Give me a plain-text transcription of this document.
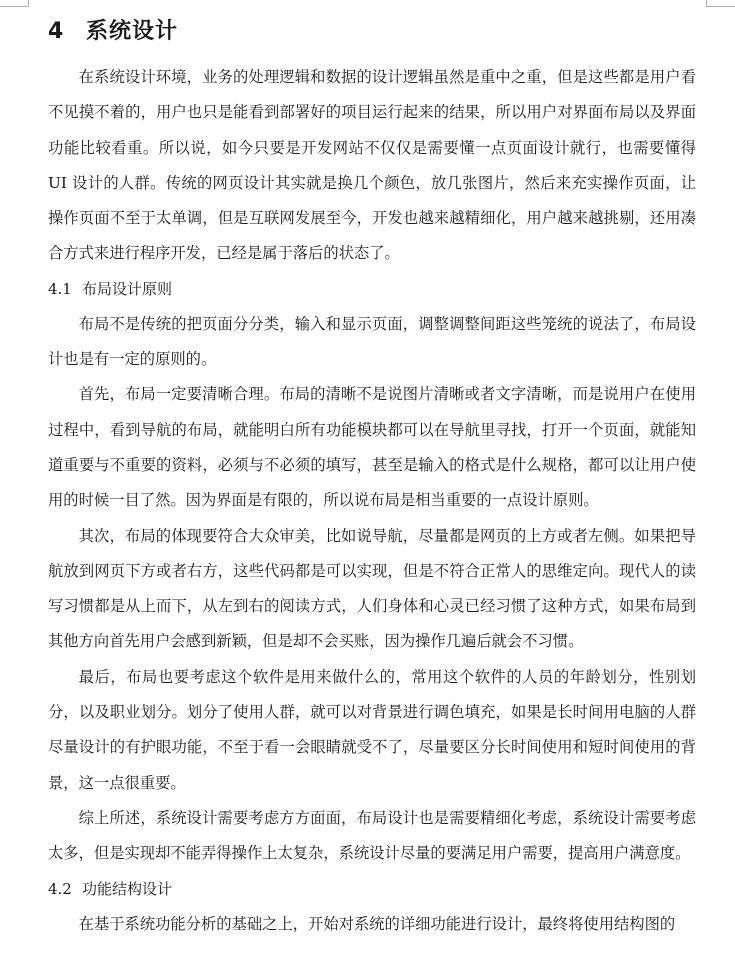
4 系统设计

在系统设计环境，业务的处理逻辑和数据的设计逻辑虽然是重中之重，但是这些都是用户看不见摸不着的，用户也只是能看到部署好的项目运行起来的结果，所以用户对界面布局以及界面功能比较看重。所以说，如今只要是开发网站不仅仅是需要懂一点页面设计就行，也需要懂得 UI 设计的人群。传统的网页设计其实就是换几个颜色，放几张图片，然后来充实操作页面，让操作页面不至于太单调，但是互联网发展至今，开发也越来越精细化，用户越来越挑剔，还用凑合方式来进行程序开发，已经是属于落后的状态了。

4.1 布局设计原则

布局不是传统的把页面分分类，输入和显示页面，调整调整间距这些笼统的说法了，布局设计也是有一定的原则的。

首先，布局一定要清晰合理。布局的清晰不是说图片清晰或者文字清晰，而是说用户在使用过程中，看到导航的布局，就能明白所有功能模块都可以在导航里寻找，打开一个页面，就能知道重要与不重要的资料，必须与不必须的填写，甚至是输入的格式是什么规格，都可以让用户使用的时候一目了然。因为界面是有限的，所以说布局是相当重要的一点设计原则。

其次，布局的体现要符合大众审美，比如说导航，尽量都是网页的上方或者左侧。如果把导航放到网页下方或者右方，这些代码都是可以实现，但是不符合正常人的思维定向。现代人的读写习惯都是从上而下，从左到右的阅读方式，人们身体和心灵已经习惯了这种方式，如果布局到其他方向首先用户会感到新颖，但是却不会买账，因为操作几遍后就会不习惯。

最后，布局也要考虑这个软件是用来做什么的，常用这个软件的人员的年龄划分，性别划分，以及职业划分。划分了使用人群，就可以对背景进行调色填充，如果是长时间用电脑的人群尽量设计的有护眼功能，不至于看一会眼睛就受不了，尽量要区分长时间使用和短时间使用的背景，这一点很重要。

综上所述，系统设计需要考虑方方面面，布局设计也是需要精细化考虑，系统设计需要考虑太多，但是实现却不能弄得操作上太复杂，系统设计尽量的要满足用户需要，提高用户满意度。

4.2 功能结构设计

在基于系统功能分析的基础之上，开始对系统的详细功能进行设计，最终将使用结构图的
